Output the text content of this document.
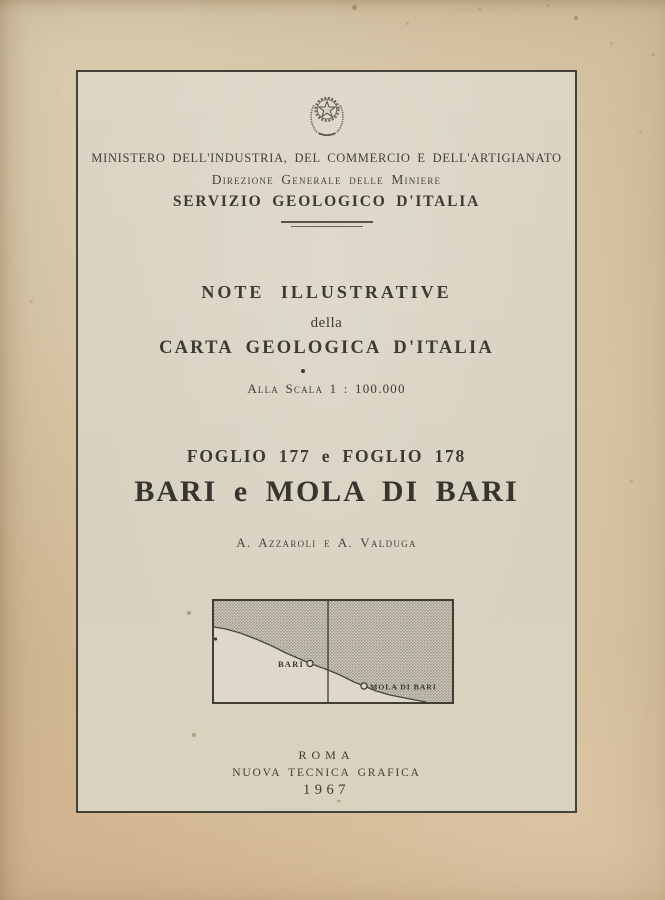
MINISTERO DELL'INDUSTRIA, DEL COMMERCIO E DELL'ARTIGIANATO
Direzione Generale delle Miniere
SERVIZIO GEOLOGICO D'ITALIA
NOTE ILLUSTRATIVE
della
CARTA GEOLOGICA D'ITALIA
Alla Scala 1 : 100.000
FOGLIO 177 e FOGLIO 178
BARI e MOLA DI BARI
A. Azzaroli e A. Valduga
BARI
MOLA DI BARI
ROMA
NUOVA TECNICA GRAFICA
1967
